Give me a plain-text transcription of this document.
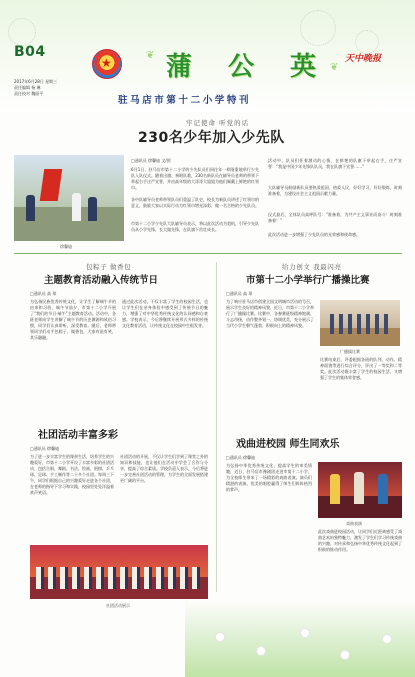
❦
❦
B04
2017年6月28日 星期三
责任编辑 杨 琳
责任校对 魏丽平
★ 蒲 公 英	天中晚报
驻马店市第十二小学特刊
牢记使命 听党的话
230名少年加入少先队
徐馨迪
□通讯员 徐馨迪 文/图
6月1日，驻马店市第十二小学的少先队员们同往年一样隆重地举行少先队入队仪式。随着出旗、奏唱队歌，230名新队员在辅导员老师的带领下举起右手庄严宣誓，并由高年级的大哥哥大姐姐为他们佩戴上鲜艳的红领巾。
各中队辅导员老师带领队员们重温了队史，校长为新队员讲述了红领巾的意义，鼓励大家以实际行动为红领巾增光添彩，做一名合格的少先队员。
市第十二小学少先队大队辅导员表示，将以此次活动为契机，引导少先队员从小学先锋、长大做先锋，在队旗下茁壮成长。
活动中，队员们怀着激动的心情，在鲜艳的队旗下举起右手，庄严宣誓：“我是中国少年先锋队队员，我在队旗下宣誓……”
大队辅导员鼓励新队员要热爱祖国、热爱人民，好好学习，好好锻炼，时刻准备着，为建设社会主义祖国贡献力量。
仪式最后，全体队员高呼队号：“准备着，为共产主义事业而奋斗！时刻准备着！”
此次活动进一步增强了少先队员的光荣感和使命感。
包粽子 做香包
主题教育活动融入传统节日
□通讯员 高 琼
为弘扬民族优秀传统文化，让学生了解端午节的由来和习俗，端午节前夕，市第十二小学开展了“我们的节日·端午”主题教育活动。活动中，各班老师向学生讲解了端午节的历史渊源和风俗习惯，同学们认真聆听，深受教育。随后，老师带领同学们动手包粽子、做香包，大家有说有笑，其乐融融。
通过此次活动，不仅丰富了学生的校园生活，也让学生们在亲身体验中感受到了传统节日的魅力，增强了对中华优秀传统文化的认同感和自豪感。学校表示，今后将继续开展形式多样的传统文化教育活动，让传统文化在校园中生根发芽。
给力创文 我最闪亮
市第十二小学举行广播操比赛
□通讯员 高 琼
为了响应驻马店市创建全国文明城市活动的号召，展示学生良好的精神风貌，近日，市第十二小学举行了广播操比赛。比赛中，各参赛班级精神饱满、斗志昂扬，动作整齐划一、协调优美，充分展示了当代小学生朝气蓬勃、积极向上的精神风貌。
广播操比赛
比赛结束后，评委根据各班的队列、动作、精神面貌等进行综合评分，评出了一等奖和二等奖。此次活动既丰富了学生的校园生活，又增强了学生的集体荣誉感。
社团活动丰富多彩
□通讯员 徐馨迪
为了进一步丰富学生的课余生活，培养学生的兴趣爱好，市第十二小学开设了丰富多彩的社团活动，包括合唱、舞蹈、书法、绘画、围棋、乒乓球、足球、手工制作等二十多个社团。每周三下午，同学们根据自己的兴趣爱好走进各个社团，在老师的指导下学习和实践，校园里处处洋溢着欢声笑语。
社团活动的开展，不仅让学生们学到了课堂之外的知识和技能，也让他们在活动中学会了合作与分享，提高了综合素质。学校负责人表示，今后将进一步完善社团活动的管理，为学生的全面发展搭建更广阔的平台。
社团活动展示
戏曲进校园 师生同欢乐
□通讯员 徐馨迪
为弘扬中华优秀传统文化，提高学生的审美情趣，近日，驻马店市豫剧团走进市第十二小学，为全校师生带来了一场精彩的戏曲表演。演员们精湛的表演、优美的唱腔赢得了师生们阵阵热烈的掌声。
戏曲表演
此次戏曲进校园活动，让同学们近距离感受了戏曲艺术的独特魅力，激发了学生们学习传统戏曲的兴趣，对传承和弘扬中华优秀传统文化起到了积极的推动作用。
